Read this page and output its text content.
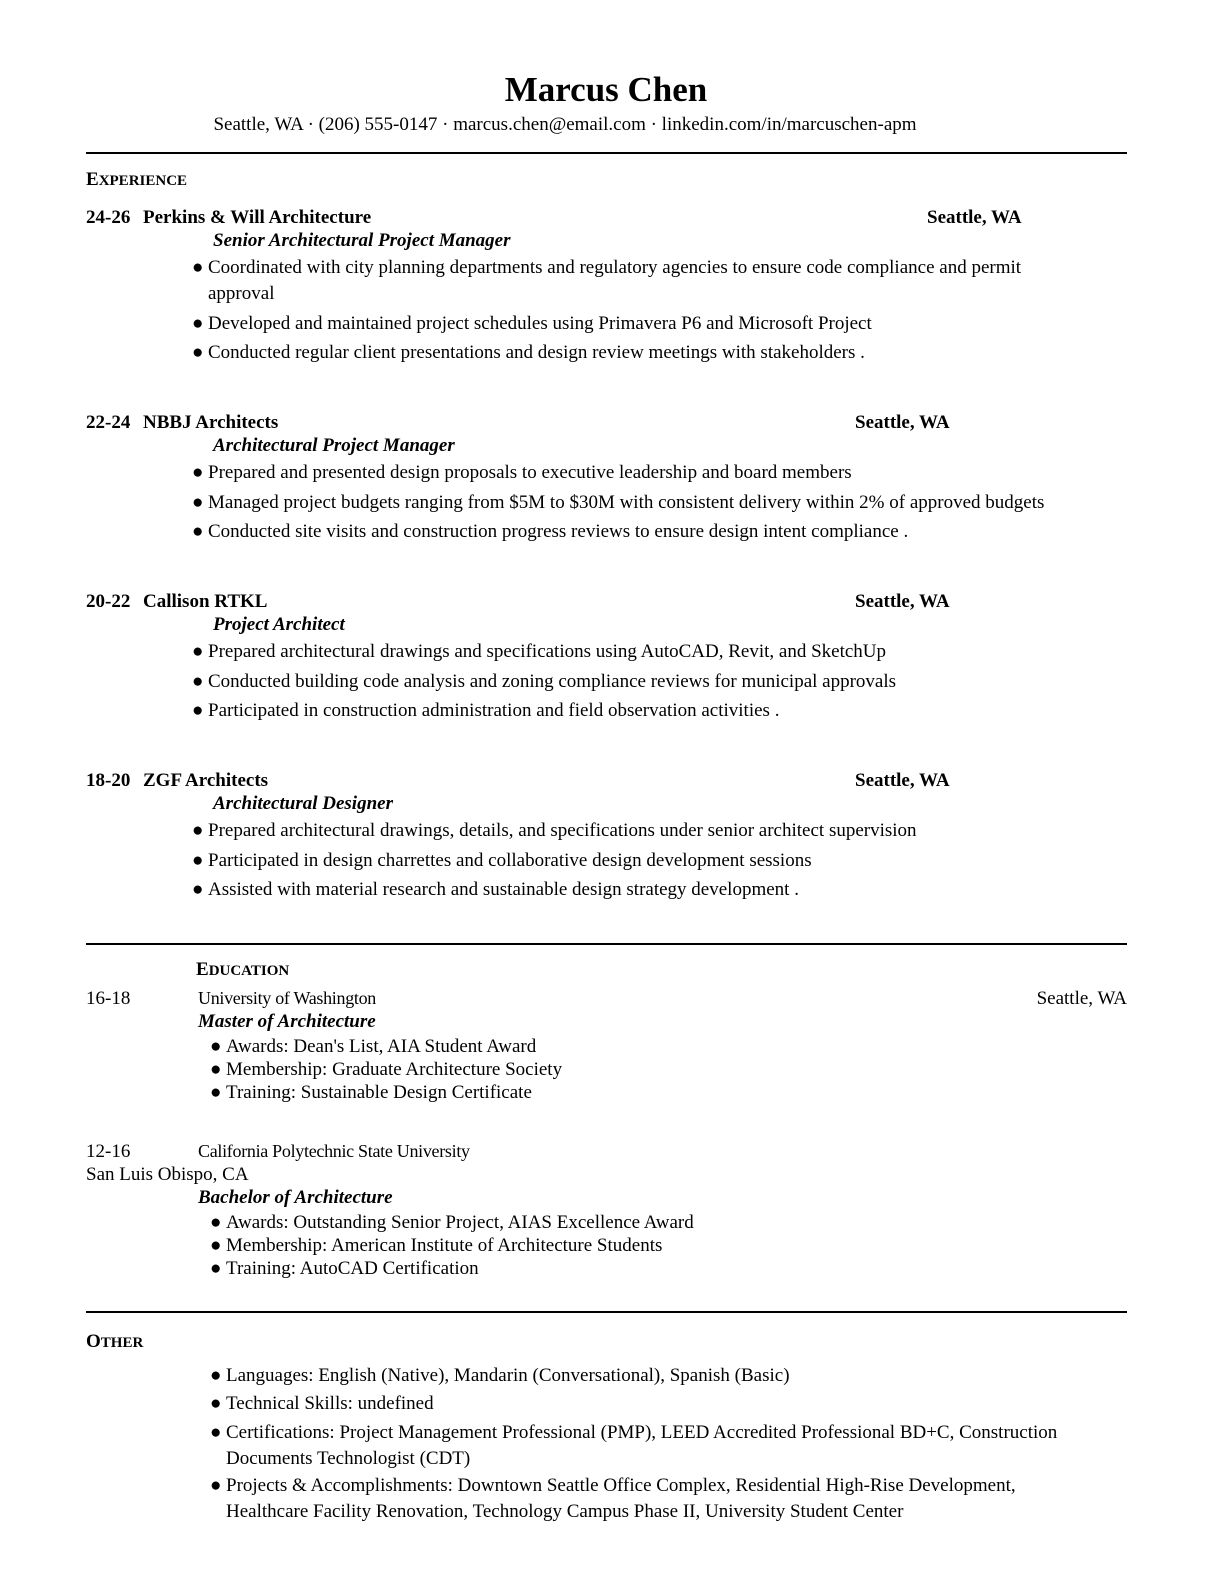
Marcus Chen
Seattle, WA · (206) 555-0147 · marcus.chen@email.com · linkedin.com/in/marcuschen-apm
EXPERIENCE
24-26 Perkins & Will Architecture	Seattle, WA
Senior Architectural Project Manager
● Coordinated with city planning departments and regulatory agencies to ensure code compliance and permit
approval
● Developed and maintained project schedules using Primavera P6 and Microsoft Project
● Conducted regular client presentations and design review meetings with stakeholders .
22-24 NBBJ Architects	Seattle, WA
Architectural Project Manager
● Prepared and presented design proposals to executive leadership and board members
● Managed project budgets ranging from $5M to $30M with consistent delivery within 2% of approved budgets
● Conducted site visits and construction progress reviews to ensure design intent compliance .
20-22 Callison RTKL	Seattle, WA
Project Architect
● Prepared architectural drawings and specifications using AutoCAD, Revit, and SketchUp
● Conducted building code analysis and zoning compliance reviews for municipal approvals
● Participated in construction administration and field observation activities .
18-20 ZGF Architects	Seattle, WA
Architectural Designer
● Prepared architectural drawings, details, and specifications under senior architect supervision
● Participated in design charrettes and collaborative design development sessions
● Assisted with material research and sustainable design strategy development .
EDUCATION
16-18	University of Washington	Seattle, WA
Master of Architecture
● Awards: Dean's List, AIA Student Award
● Membership: Graduate Architecture Society
● Training: Sustainable Design Certificate
12-16	California Polytechnic State University
San Luis Obispo, CA
Bachelor of Architecture
● Awards: Outstanding Senior Project, AIAS Excellence Award
● Membership: American Institute of Architecture Students
● Training: AutoCAD Certification
OTHER
● Languages: English (Native), Mandarin (Conversational), Spanish (Basic)
● Technical Skills: undefined
● Certifications: Project Management Professional (PMP), LEED Accredited Professional BD+C, Construction
Documents Technologist (CDT)
● Projects & Accomplishments: Downtown Seattle Office Complex, Residential High-Rise Development,
Healthcare Facility Renovation, Technology Campus Phase II, University Student Center
